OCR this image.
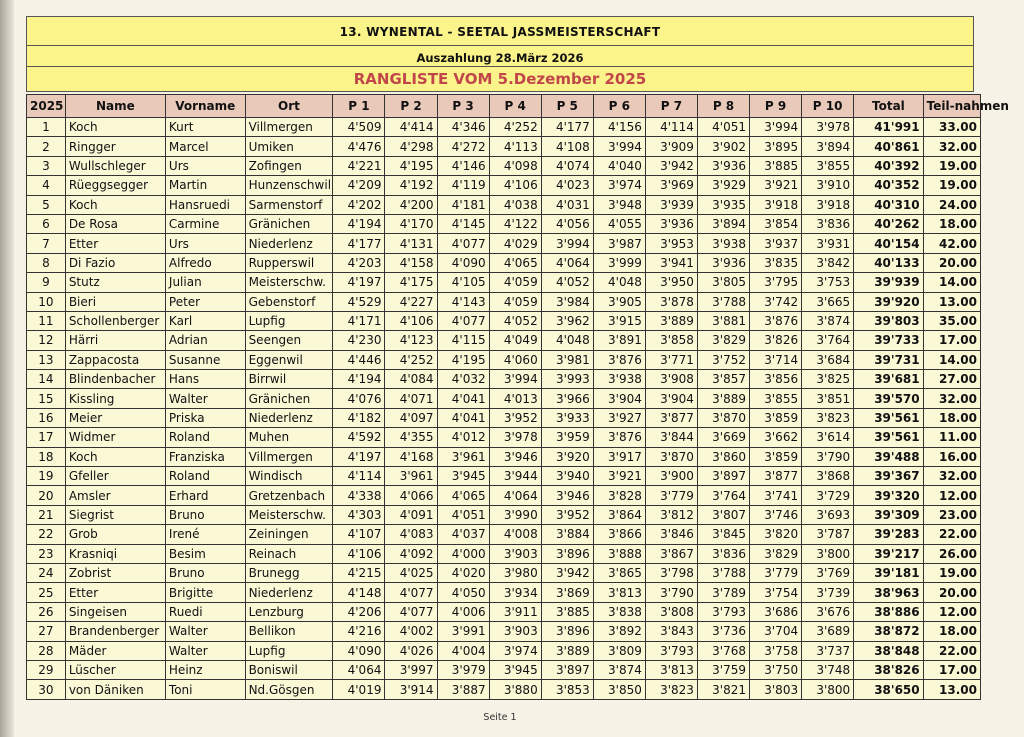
13. WYNENTAL - SEETAL JASSMEISTERSCHAFT
Auszahlung 28.März 2026
RANGLISTE VOM 5.Dezember 2025
2025	Name	Vorname	Ort	P 1	P 2	P 3	P 4	P 5	P 6	P 7	P 8	P 9	P 10	Total	Teil-nahmen
1	Koch	Kurt	Villmergen	4'509	4'414	4'346	4'252	4'177	4'156	4'114	4'051	3'994	3'978	41'991	33.00
2	Ringger	Marcel	Umiken	4'476	4'298	4'272	4'113	4'108	3'994	3'909	3'902	3'895	3'894	40'861	32.00
3	Wullschleger	Urs	Zofingen	4'221	4'195	4'146	4'098	4'074	4'040	3'942	3'936	3'885	3'855	40'392	19.00
4	Rüeggsegger	Martin	Hunzenschwil	4'209	4'192	4'119	4'106	4'023	3'974	3'969	3'929	3'921	3'910	40'352	19.00
5	Koch	Hansruedi	Sarmenstorf	4'202	4'200	4'181	4'038	4'031	3'948	3'939	3'935	3'918	3'918	40'310	24.00
6	De Rosa	Carmine	Gränichen	4'194	4'170	4'145	4'122	4'056	4'055	3'936	3'894	3'854	3'836	40'262	18.00
7	Etter	Urs	Niederlenz	4'177	4'131	4'077	4'029	3'994	3'987	3'953	3'938	3'937	3'931	40'154	42.00
8	Di Fazio	Alfredo	Rupperswil	4'203	4'158	4'090	4'065	4'064	3'999	3'941	3'936	3'835	3'842	40'133	20.00
9	Stutz	Julian	Meisterschw.	4'197	4'175	4'105	4'059	4'052	4'048	3'950	3'805	3'795	3'753	39'939	14.00
10	Bieri	Peter	Gebenstorf	4'529	4'227	4'143	4'059	3'984	3'905	3'878	3'788	3'742	3'665	39'920	13.00
11	Schollenberger	Karl	Lupfig	4'171	4'106	4'077	4'052	3'962	3'915	3'889	3'881	3'876	3'874	39'803	35.00
12	Härri	Adrian	Seengen	4'230	4'123	4'115	4'049	4'048	3'891	3'858	3'829	3'826	3'764	39'733	17.00
13	Zappacosta	Susanne	Eggenwil	4'446	4'252	4'195	4'060	3'981	3'876	3'771	3'752	3'714	3'684	39'731	14.00
14	Blindenbacher	Hans	Birrwil	4'194	4'084	4'032	3'994	3'993	3'938	3'908	3'857	3'856	3'825	39'681	27.00
15	Kissling	Walter	Gränichen	4'076	4'071	4'041	4'013	3'966	3'904	3'904	3'889	3'855	3'851	39'570	32.00
16	Meier	Priska	Niederlenz	4'182	4'097	4'041	3'952	3'933	3'927	3'877	3'870	3'859	3'823	39'561	18.00
17	Widmer	Roland	Muhen	4'592	4'355	4'012	3'978	3'959	3'876	3'844	3'669	3'662	3'614	39'561	11.00
18	Koch	Franziska	Villmergen	4'197	4'168	3'961	3'946	3'920	3'917	3'870	3'860	3'859	3'790	39'488	16.00
19	Gfeller	Roland	Windisch	4'114	3'961	3'945	3'944	3'940	3'921	3'900	3'897	3'877	3'868	39'367	32.00
20	Amsler	Erhard	Gretzenbach	4'338	4'066	4'065	4'064	3'946	3'828	3'779	3'764	3'741	3'729	39'320	12.00
21	Siegrist	Bruno	Meisterschw.	4'303	4'091	4'051	3'990	3'952	3'864	3'812	3'807	3'746	3'693	39'309	23.00
22	Grob	Irené	Zeiningen	4'107	4'083	4'037	4'008	3'884	3'866	3'846	3'845	3'820	3'787	39'283	22.00
23	Krasniqi	Besim	Reinach	4'106	4'092	4'000	3'903	3'896	3'888	3'867	3'836	3'829	3'800	39'217	26.00
24	Zobrist	Bruno	Brunegg	4'215	4'025	4'020	3'980	3'942	3'865	3'798	3'788	3'779	3'769	39'181	19.00
25	Etter	Brigitte	Niederlenz	4'148	4'077	4'050	3'934	3'869	3'813	3'790	3'789	3'754	3'739	38'963	20.00
26	Singeisen	Ruedi	Lenzburg	4'206	4'077	4'006	3'911	3'885	3'838	3'808	3'793	3'686	3'676	38'886	12.00
27	Brandenberger	Walter	Bellikon	4'216	4'002	3'991	3'903	3'896	3'892	3'843	3'736	3'704	3'689	38'872	18.00
28	Mäder	Walter	Lupfig	4'090	4'026	4'004	3'974	3'889	3'809	3'793	3'768	3'758	3'737	38'848	22.00
29	Lüscher	Heinz	Boniswil	4'064	3'997	3'979	3'945	3'897	3'874	3'813	3'759	3'750	3'748	38'826	17.00
30	von Däniken	Toni	Nd.Gösgen	4'019	3'914	3'887	3'880	3'853	3'850	3'823	3'821	3'803	3'800	38'650	13.00
Seite 1
